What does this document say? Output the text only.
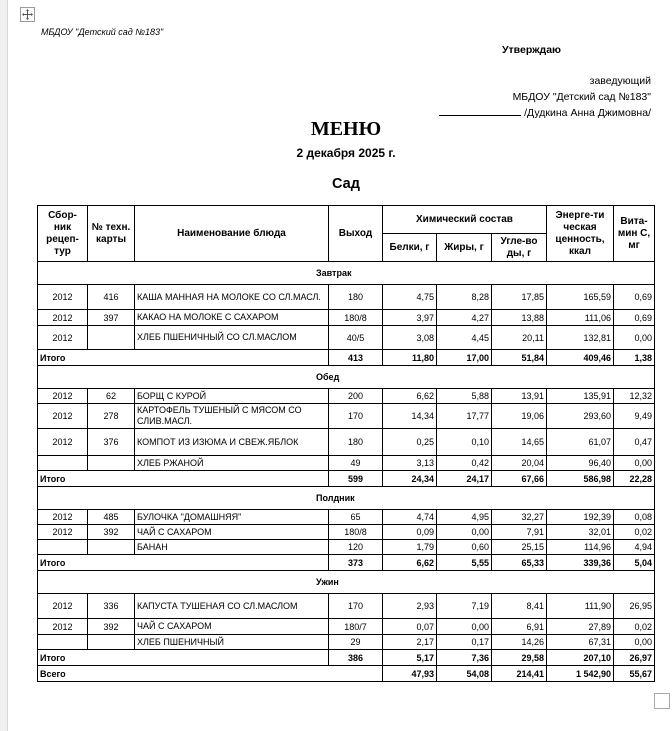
МБДОУ "Детский сад №183"
Утверждаю
заведующий
МБДОУ "Детский сад №183"
/Дудкина Анна Джимовна/
МЕНЮ
2 декабря 2025 г.
Сад
Сбор-ник рецеп-тур	№ техн. карты	Наименование блюда	Выход	Химический состав			Энерге-ти ческая ценность, ккал	Вита-мин С, мг
				Белки, г	Жиры, г	Угле-во ды, г		
Завтрак								
2012	416	КАША МАННАЯ НА МОЛОКЕ СО СЛ.МАСЛ.	180	4,75	8,28	17,85	165,59	0,69
2012	397	КАКАО НА МОЛОКЕ С САХАРОМ	180/8	3,97	4,27	13,88	111,06	0,69
2012		ХЛЕБ ПШЕНИЧНЫЙ СО СЛ.МАСЛОМ	40/5	3,08	4,45	20,11	132,81	0,00
Итого			413	11,80	17,00	51,84	409,46	1,38
Обед								
2012	62	БОРЩ С КУРОЙ	200	6,62	5,88	13,91	135,91	12,32
2012	278	КАРТОФЕЛЬ ТУШЕНЫЙ С МЯСОМ СО СЛИВ.МАСЛ.	170	14,34	17,77	19,06	293,60	9,49
2012	376	КОМПОТ ИЗ ИЗЮМА И СВЕЖ.ЯБЛОК	180	0,25	0,10	14,65	61,07	0,47
		ХЛЕБ РЖАНОЙ	49	3,13	0,42	20,04	96,40	0,00
Итого			599	24,34	24,17	67,66	586,98	22,28
Полдник								
2012	485	БУЛОЧКА "ДОМАШНЯЯ"	65	4,74	4,95	32,27	192,39	0,08
2012	392	ЧАЙ С САХАРОМ	180/8	0,09	0,00	7,91	32,01	0,02
		БАНАН	120	1,79	0,60	25,15	114,96	4,94
Итого			373	6,62	5,55	65,33	339,36	5,04
Ужин								
2012	336	КАПУСТА ТУШЕНАЯ СО СЛ.МАСЛОМ	170	2,93	7,19	8,41	111,90	26,95
2012	392	ЧАЙ С САХАРОМ	180/7	0,07	0,00	6,91	27,89	0,02
		ХЛЕБ ПШЕНИЧНЫЙ	29	2,17	0,17	14,26	67,31	0,00
Итого			386	5,17	7,36	29,58	207,10	26,97
Всего				47,93	54,08	214,41	1 542,90	55,67
